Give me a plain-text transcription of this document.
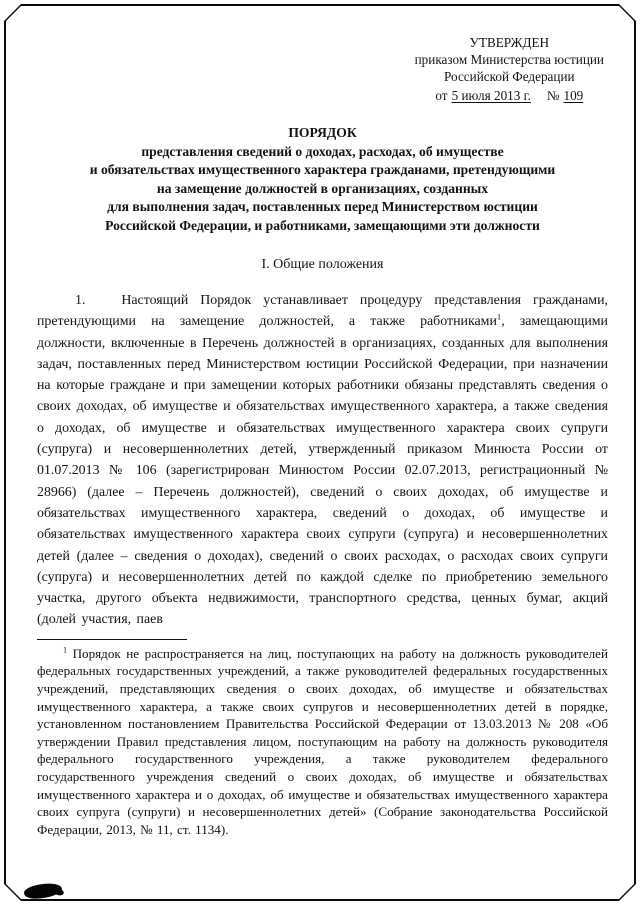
УТВЕРЖДЕН
приказом Министерства юстиции
Российской Федерации
от 5 июля 2013 г. № 109
ПОРЯДОК
представления сведений о доходах, расходах, об имуществе
и обязательствах имущественного характера гражданами, претендующими
на замещение должностей в организациях, созданных
для выполнения задач, поставленных перед Министерством юстиции
Российской Федерации, и работниками, замещающими эти должности
I. Общие положения

1.   Настоящий Порядок устанавливает процедуру представления гражданами, претендующими на замещение должностей, а также работниками$^1$, замещающими должности, включенные в Перечень должностей в организациях, созданных для выполнения задач, поставленных перед Министерством юстиции Российской Федерации, при назначении на которые граждане и при замещении которых работники обязаны представлять сведения о своих доходах, об имуществе и обязательствах имущественного характера, а также сведения о доходах, об имуществе и обязательствах имущественного характера своих супруги (супруга) и несовершеннолетних детей, утвержденный приказом Минюста России от 01.07.2013 № 106 (зарегистрирован Минюстом России 02.07.2013, регистрационный № 28966) (далее – Перечень должностей), сведений о своих доходах, об имуществе и обязательствах имущественного характера, сведений о доходах, об имуществе и обязательствах имущественного характера своих супруги (супруга) и несовершеннолетних детей (далее – сведения о доходах), сведений о своих расходах, о расходах своих супруги (супруга) и несовершеннолетних детей по каждой сделке по приобретению земельного участка, другого объекта недвижимости, транспортного средства, ценных бумаг, акций (долей участия, паев

$^1$ Порядок не распространяется на лиц, поступающих на работу на должность руководителей федеральных государственных учреждений, а также руководителей федеральных государственных учреждений, представляющих сведения о своих доходах, об имуществе и обязательствах имущественного характера, а также своих супругов и несовершеннолетних детей в порядке, установленном постановлением Правительства Российской Федерации от 13.03.2013 № 208 «Об утверждении Правил представления лицом, поступающим на работу на должность руководителя федерального государственного учреждения, а также руководителем федерального государственного учреждения сведений о своих доходах, об имуществе и обязательствах имущественного характера и о доходах, об имуществе и обязательствах имущественного характера своих супруга (супруги) и несовершеннолетних детей» (Собрание законодательства Российской Федерации, 2013, № 11, ст. 1134).
